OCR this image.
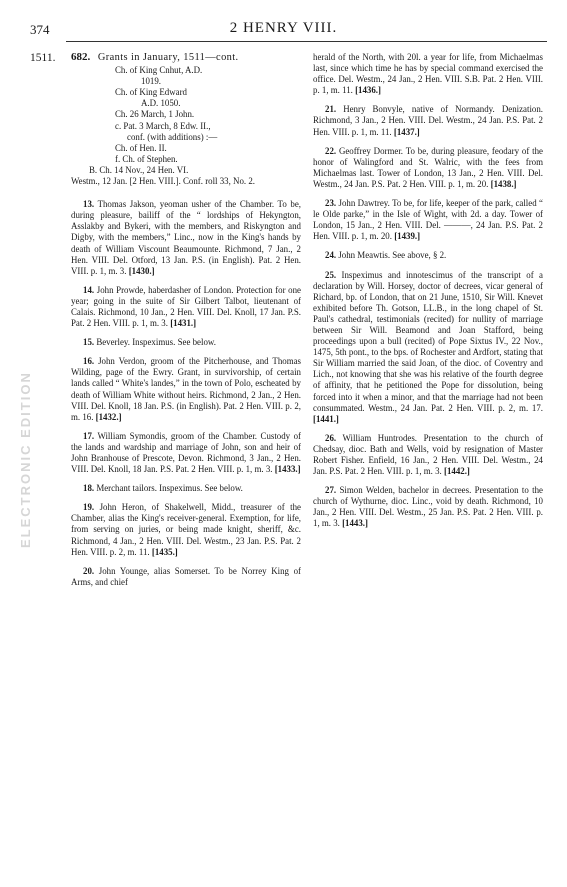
374	2 HENRY VIII.
1511.
ELECTRONIC EDITION
682. Grants in January, 1511—cont.
Ch. of King Cnhut, A.D.
1019.
Ch. of King Edward
A.D. 1050.
Ch. 26 March, 1 John.
c. Pat. 3 March, 8 Edw. II.,
conf. (with additions) :—
Ch. of Hen. II.
f. Ch. of Stephen.
B. Ch. 14 Nov., 24 Hen. VI.
Westm., 12 Jan. [2 Hen. VIII.]. Conf. roll 33, No. 2.

13. Thomas Jakson, yeoman usher of the Chamber. To be, during pleasure, bailiff of the “ lordships of Hekyngton, Asslakby and Bykeri, with the members, and Riskyngton and Digby, with the members,” Linc., now in the King's hands by death of William Viscount Beaumounte. Richmond, 7 Jan., 2 Hen. VIII. Del. Otford, 13 Jan. P.S. (in English). Pat. 2 Hen. VIII. p. 1, m. 3. [1430.]

14. John Prowde, haberdasher of London. Protection for one year; going in the suite of Sir Gilbert Talbot, lieutenant of Calais. Richmond, 10 Jan., 2 Hen. VIII. Del. Knoll, 17 Jan. P.S. Pat. 2 Hen. VIII. p. 1, m. 3. [1431.]

15. Beverley. Inspeximus. See below.

16. John Verdon, groom of the Pitcherhouse, and Thomas Wilding, page of the Ewry. Grant, in survivorship, of certain lands called “ White's landes,” in the town of Polo, escheated by death of William White without heirs. Richmond, 2 Jan., 2 Hen. VIII. Del. Knoll, 18 Jan. P.S. (in English). Pat. 2 Hen. VIII. p. 2, m. 16. [1432.]

17. William Symondis, groom of the Chamber. Custody of the lands and wardship and marriage of John, son and heir of John Branhouse of Prescote, Devon. Richmond, 3 Jan., 2 Hen. VIII. Del. Knoll, 18 Jan. P.S. Pat. 2 Hen. VIII. p. 1, m. 3. [1433.]

18. Merchant tailors. Inspeximus. See below.

19. John Heron, of Shakelwell, Midd., treasurer of the Chamber, alias the King's receiver-general. Exemption, for life, from serving on juries, or being made knight, sheriff, &c. Richmond, 4 Jan., 2 Hen. VIII. Del. Westm., 23 Jan. P.S. Pat. 2 Hen. VIII. p. 2, m. 11. [1435.]

20. John Younge, alias Somerset. To be Norrey King of Arms, and chief

herald of the North, with 20l. a year for life, from Michaelmas last, since which time he has by special command exercised the office. Del. Westm., 24 Jan., 2 Hen. VIII. S.B. Pat. 2 Hen. VIII. p. 1, m. 11. [1436.]

21. Henry Bonvyle, native of Normandy. Denization. Richmond, 3 Jan., 2 Hen. VIII. Del. Westm., 24 Jan. P.S. Pat. 2 Hen. VIII. p. 1, m. 11. [1437.]

22. Geoffrey Dormer. To be, during pleasure, feodary of the honor of Walingford and St. Walric, with the fees from Michaelmas last. Tower of London, 13 Jan., 2 Hen. VIII. Del. Westm., 24 Jan. P.S. Pat. 2 Hen. VIII. p. 1, m. 20. [1438.]

23. John Dawtrey. To be, for life, keeper of the park, called “ le Olde parke,” in the Isle of Wight, with 2d. a day. Tower of London, 15 Jan., 2 Hen. VIII. Del. ———, 24 Jan. P.S. Pat. 2 Hen. VIII. p. 1, m. 20. [1439.]

24. John Meawtis. See above, § 2.

25. Inspeximus and innotescimus of the transcript of a declaration by Will. Horsey, doctor of decrees, vicar general of Richard, bp. of London, that on 21 June, 1510, Sir Will. Knevet exhibited before Th. Gotson, LL.B., in the long chapel of St. Paul's cathedral, testimonials (recited) for nullity of marriage between Sir Will. Beamond and Joan Stafford, being proceedings upon a bull (recited) of Pope Sixtus IV., 22 Nov., 1475, 5th pont., to the bps. of Rochester and Ardfort, stating that Sir William married the said Joan, of the dioc. of Coventry and Lich., not knowing that she was his relative of the fourth degree of affinity, that he petitioned the Pope for dissolution, being forced into it when a minor, and that the marriage had not been consummated. Westm., 24 Jan. Pat. 2 Hen. VIII. p. 2, m. 17. [1441.]

26. William Huntrodes. Presentation to the church of Chedsay, dioc. Bath and Wells, void by resignation of Master Robert Fisher. Enfield, 16 Jan., 2 Hen. VIII. Del. Westm., 24 Jan. P.S. Pat. 2 Hen. VIII. p. 1, m. 3. [1442.]

27. Simon Welden, bachelor in decrees. Presentation to the church of Wythurne, dioc. Linc., void by death. Richmond, 10 Jan., 2 Hen. VIII. Del. Westm., 25 Jan. P.S. Pat. 2 Hen. VIII. p. 1, m. 3. [1443.]
